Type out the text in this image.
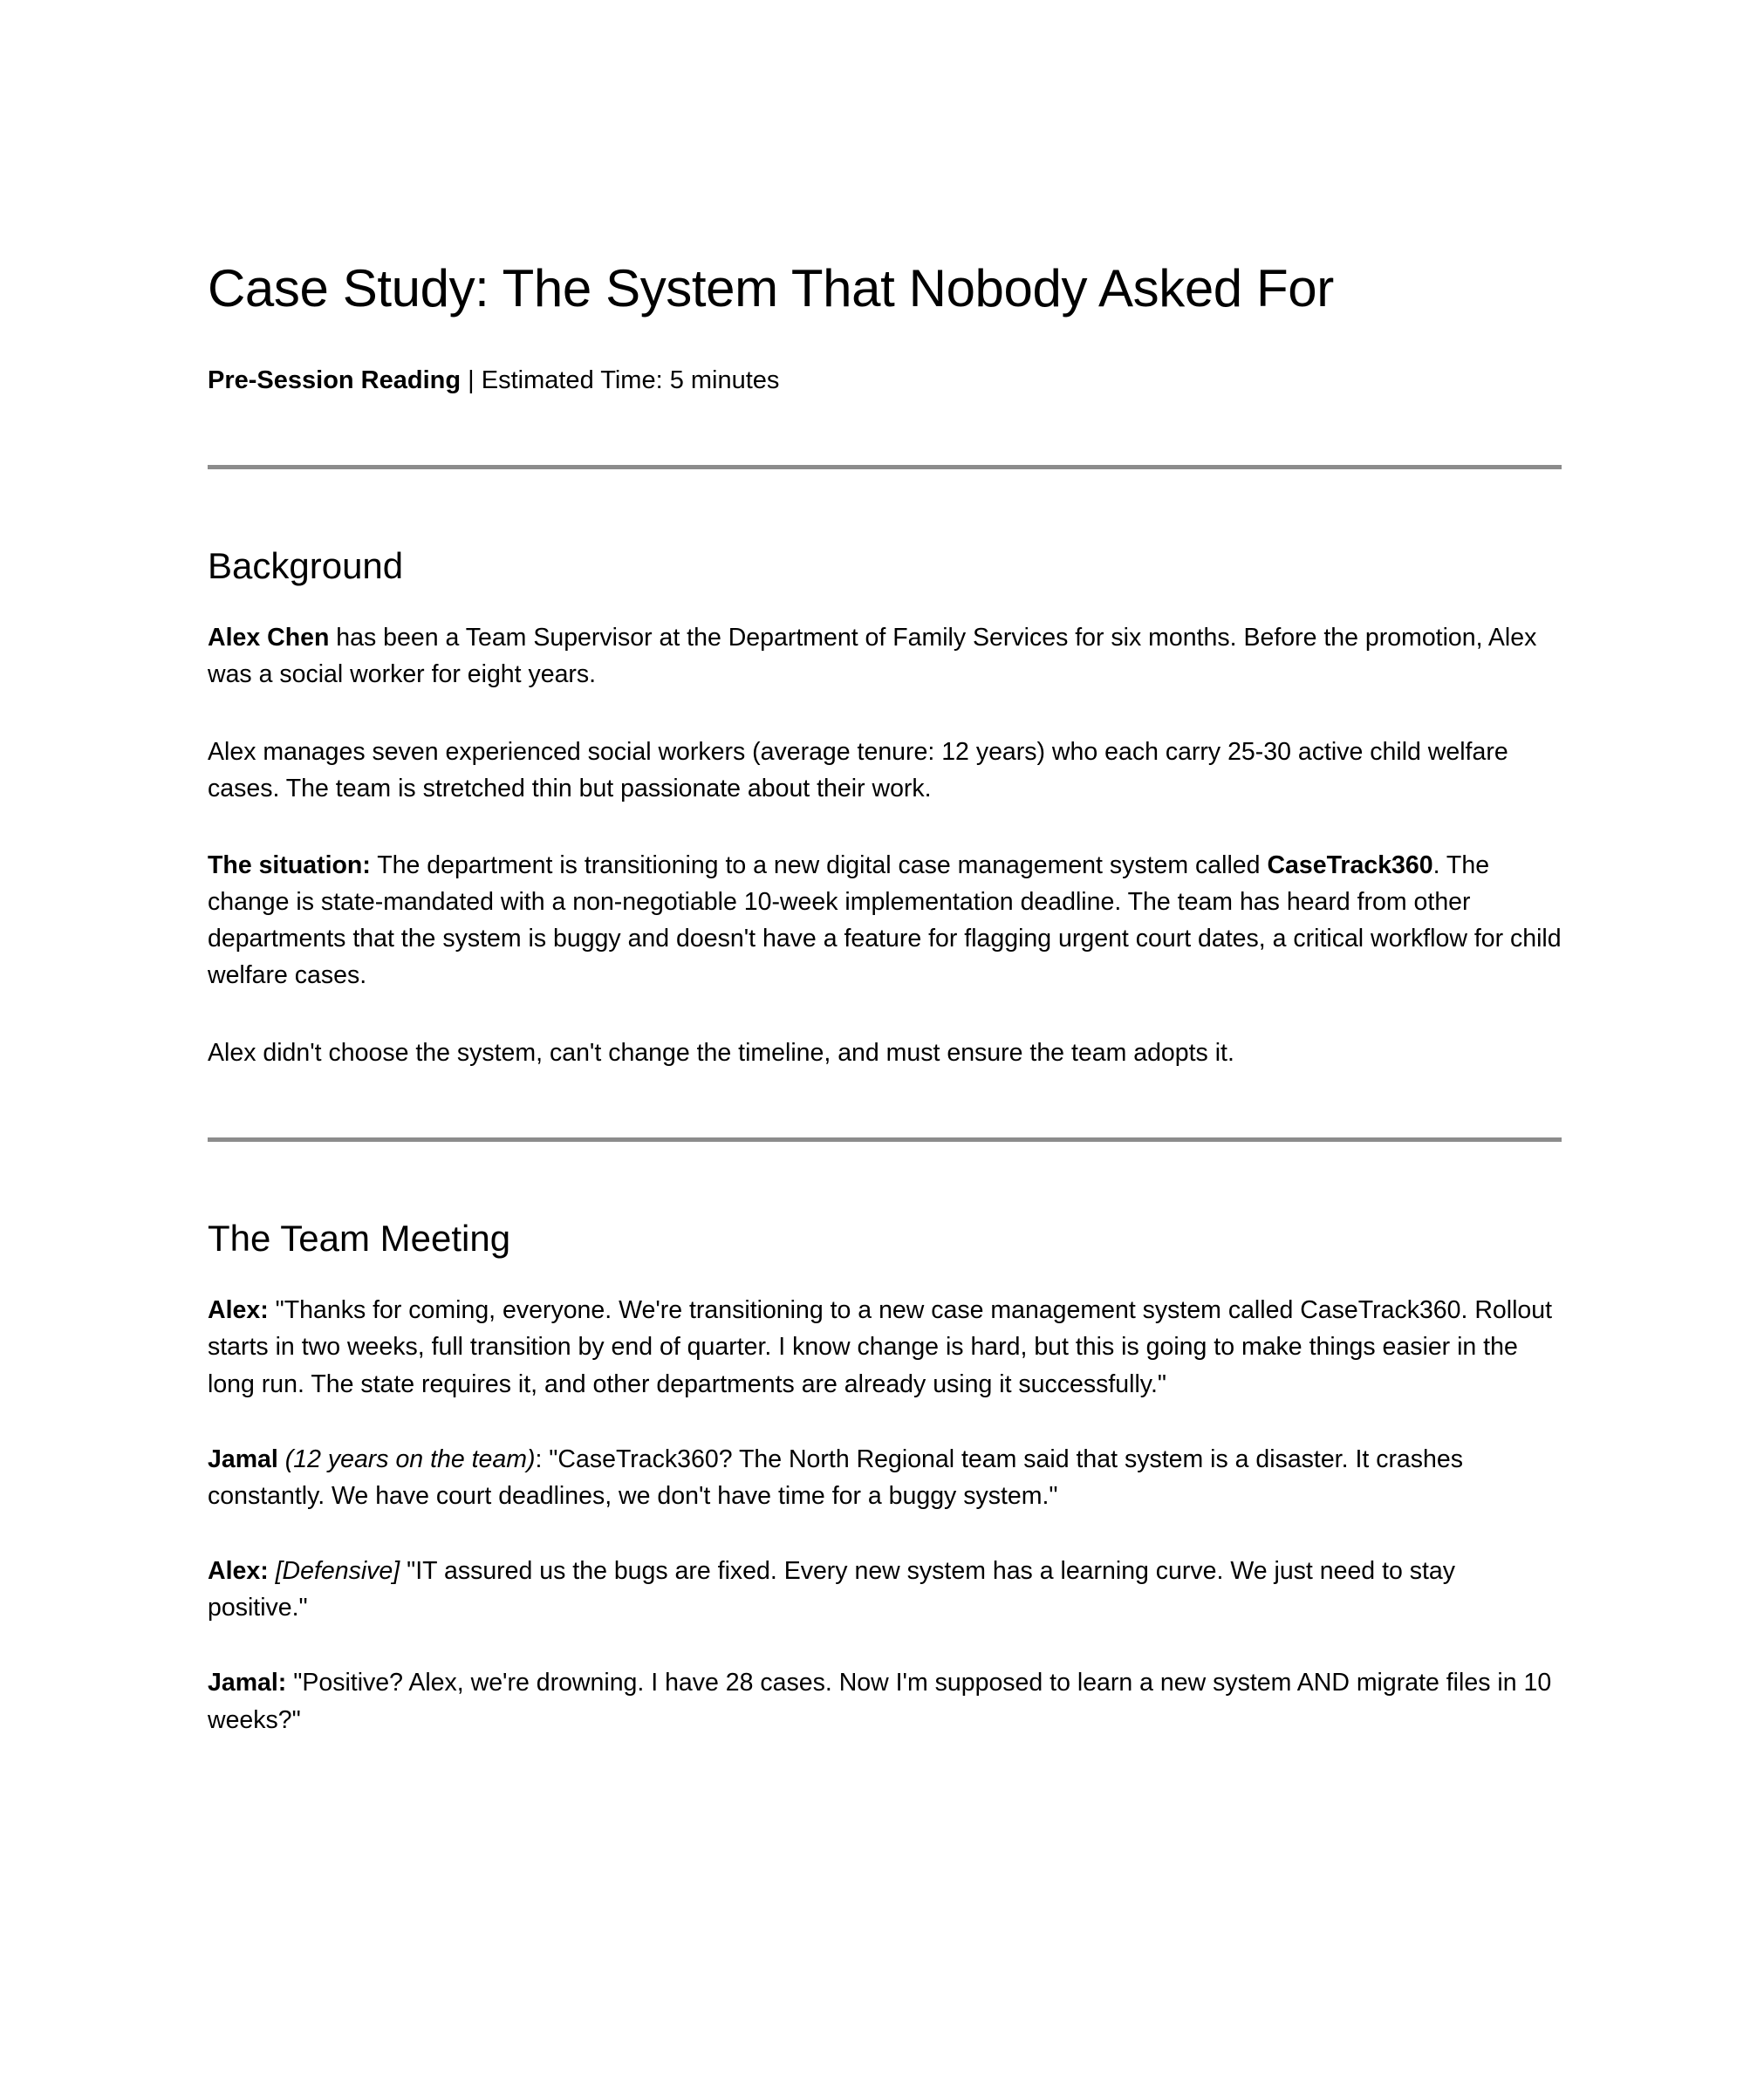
Case Study: The System That Nobody Asked For

Pre-Session Reading | Estimated Time: 5 minutes

Background

Alex Chen has been a Team Supervisor at the Department of Family Services for six months. Before the promotion, Alex was a social worker for eight years.

Alex manages seven experienced social workers (average tenure: 12 years) who each carry 25-30 active child welfare cases. The team is stretched thin but passionate about their work.

The situation: The department is transitioning to a new digital case management system called CaseTrack360. The change is state-mandated with a non-negotiable 10-week implementation deadline. The team has heard from other departments that the system is buggy and doesn't have a feature for flagging urgent court dates, a critical workflow for child welfare cases.

Alex didn't choose the system, can't change the timeline, and must ensure the team adopts it.

The Team Meeting

Alex: "Thanks for coming, everyone. We're transitioning to a new case management system called CaseTrack360. Rollout starts in two weeks, full transition by end of quarter. I know change is hard, but this is going to make things easier in the long run. The state requires it, and other departments are already using it successfully."

Jamal (12 years on the team): "CaseTrack360? The North Regional team said that system is a disaster. It crashes constantly. We have court deadlines, we don't have time for a buggy system."

Alex: [Defensive] "IT assured us the bugs are fixed. Every new system has a learning curve. We just need to stay positive."

Jamal: "Positive? Alex, we're drowning. I have 28 cases. Now I'm supposed to learn a new system AND migrate files in 10 weeks?"
